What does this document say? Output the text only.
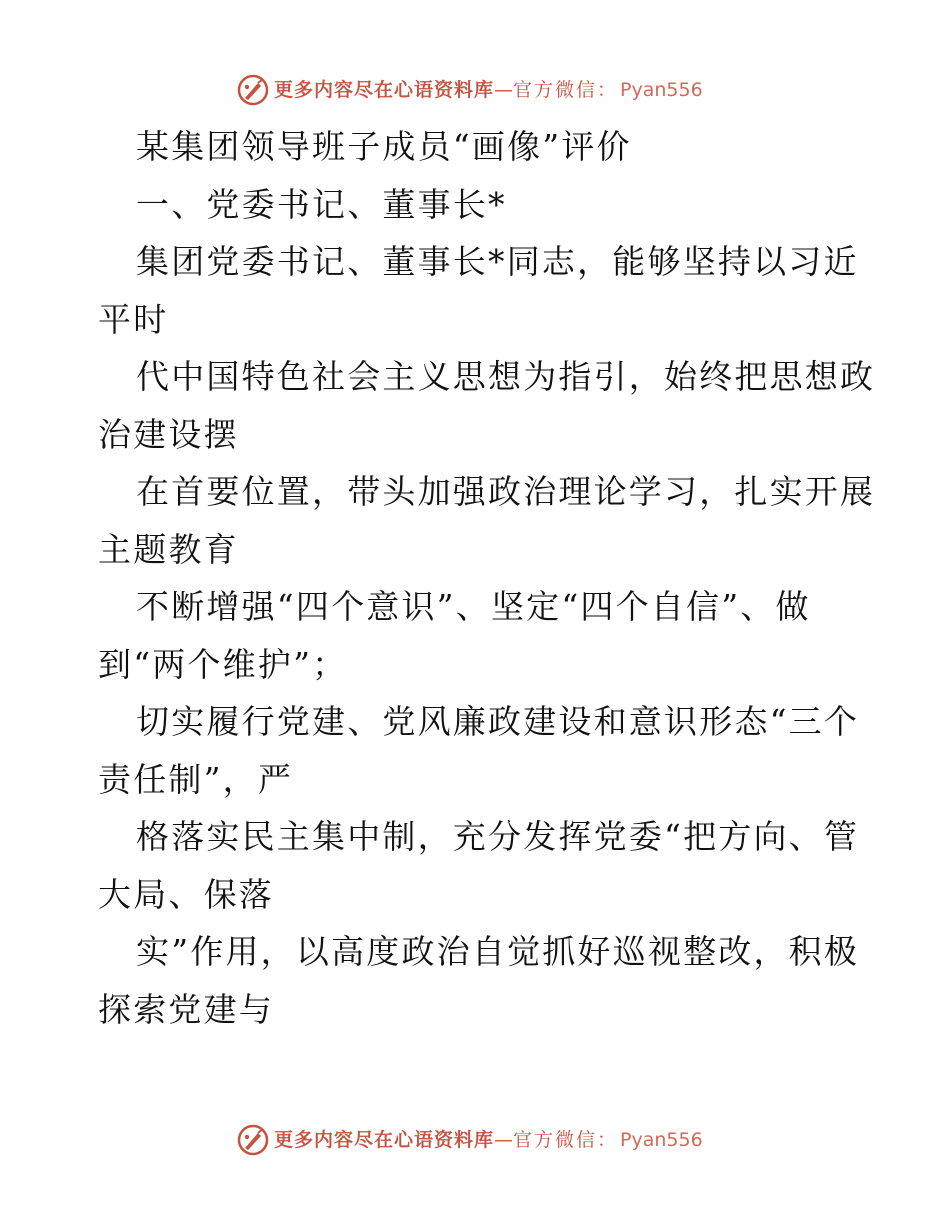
更多内容尽在心语资料库 — 官方微信： Pyan556
某集团领导班子成员“画像”评价
一、党委书记、董事长*
集团党委书记、董事长*同志，能够坚持以习近
平时
代中国特色社会主义思想为指引，始终把思想政
治建设摆
在首要位置，带头加强政治理论学习，扎实开展
主题教育
不断增强“四个意识”、坚定“四个自信”、做
到“两个维护”；
切实履行党建、党风廉政建设和意识形态“三个
责任制”，严
格落实民主集中制，充分发挥党委“把方向、管
大局、保落
实”作用，以高度政治自觉抓好巡视整改，积极
探索党建与
更多内容尽在心语资料库 — 官方微信： Pyan556
